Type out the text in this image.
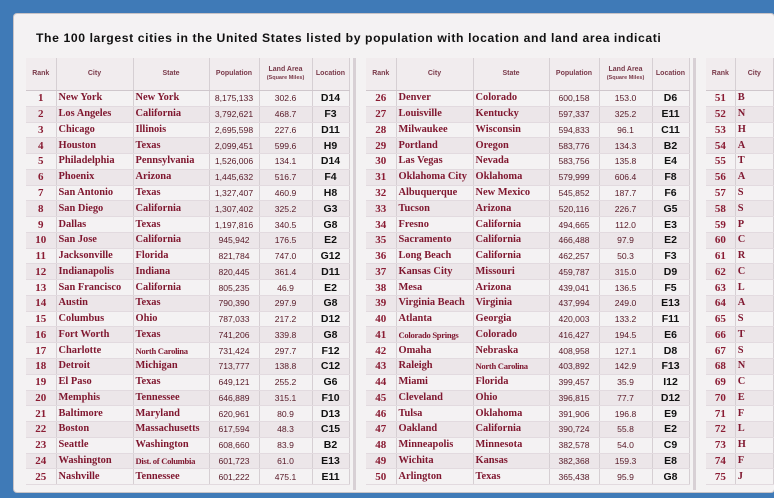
The 100 largest cities in the United States listed by population with location and land area indicati
Rank	City	State	Population	Land Area
(Square Miles)	Location
1	New York	New York	8,175,133	302.6	D14
2	Los Angeles	California	3,792,621	468.7	F3
3	Chicago	Illinois	2,695,598	227.6	D11
4	Houston	Texas	2,099,451	599.6	H9
5	Philadelphia	Pennsylvania	1,526,006	134.1	D14
6	Phoenix	Arizona	1,445,632	516.7	F4
7	San Antonio	Texas	1,327,407	460.9	H8
8	San Diego	California	1,307,402	325.2	G3
9	Dallas	Texas	1,197,816	340.5	G8
10	San Jose	California	945,942	176.5	E2
11	Jacksonville	Florida	821,784	747.0	G12
12	Indianapolis	Indiana	820,445	361.4	D11
13	San Francisco	California	805,235	46.9	E2
14	Austin	Texas	790,390	297.9	G8
15	Columbus	Ohio	787,033	217.2	D12
16	Fort Worth	Texas	741,206	339.8	G8
17	Charlotte	North Carolina	731,424	297.7	F12
18	Detroit	Michigan	713,777	138.8	C12
19	El Paso	Texas	649,121	255.2	G6
20	Memphis	Tennessee	646,889	315.1	F10
21	Baltimore	Maryland	620,961	80.9	D13
22	Boston	Massachusetts	617,594	48.3	C15
23	Seattle	Washington	608,660	83.9	B2
24	Washington	Dist. of Columbia	601,723	61.0	E13
25	Nashville	Tennessee	601,222	475.1	E11
Rank	City	State	Population	Land Area
(Square Miles)	Location
26	Denver	Colorado	600,158	153.0	D6
27	Louisville	Kentucky	597,337	325.2	E11
28	Milwaukee	Wisconsin	594,833	96.1	C11
29	Portland	Oregon	583,776	134.3	B2
30	Las Vegas	Nevada	583,756	135.8	E4
31	Oklahoma City	Oklahoma	579,999	606.4	F8
32	Albuquerque	New Mexico	545,852	187.7	F6
33	Tucson	Arizona	520,116	226.7	G5
34	Fresno	California	494,665	112.0	E3
35	Sacramento	California	466,488	97.9	E2
36	Long Beach	California	462,257	50.3	F3
37	Kansas City	Missouri	459,787	315.0	D9
38	Mesa	Arizona	439,041	136.5	F5
39	Virginia Beach	Virginia	437,994	249.0	E13
40	Atlanta	Georgia	420,003	133.2	F11
41	Colorado Springs	Colorado	416,427	194.5	E6
42	Omaha	Nebraska	408,958	127.1	D8
43	Raleigh	North Carolina	403,892	142.9	F13
44	Miami	Florida	399,457	35.9	I12
45	Cleveland	Ohio	396,815	77.7	D12
46	Tulsa	Oklahoma	391,906	196.8	E9
47	Oakland	California	390,724	55.8	E2
48	Minneapolis	Minnesota	382,578	54.0	C9
49	Wichita	Kansas	382,368	159.3	E8
50	Arlington	Texas	365,438	95.9	G8
Rank	City
51	B
52	N
53	H
54	A
55	T
56	A
57	S
58	S
59	P
60	C
61	R
62	C
63	L
64	A
65	S
66	T
67	S
68	N
69	C
70	E
71	F
72	L
73	H
74	F
75	J
